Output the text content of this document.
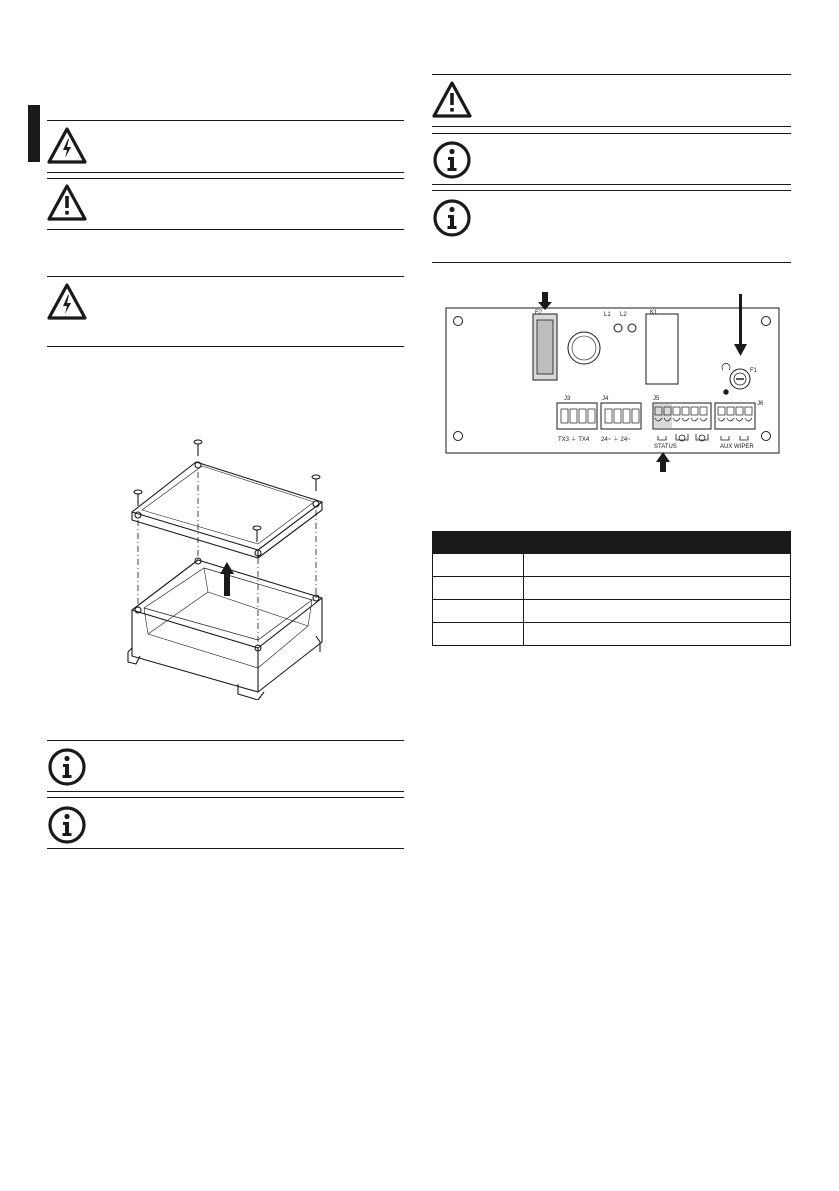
F2	L1 L2	K1
F1
J3	J4	J5
J6
TX3 ⏚ TX4 24~ ⏚ 24~
STATUS	AUX WIPER
